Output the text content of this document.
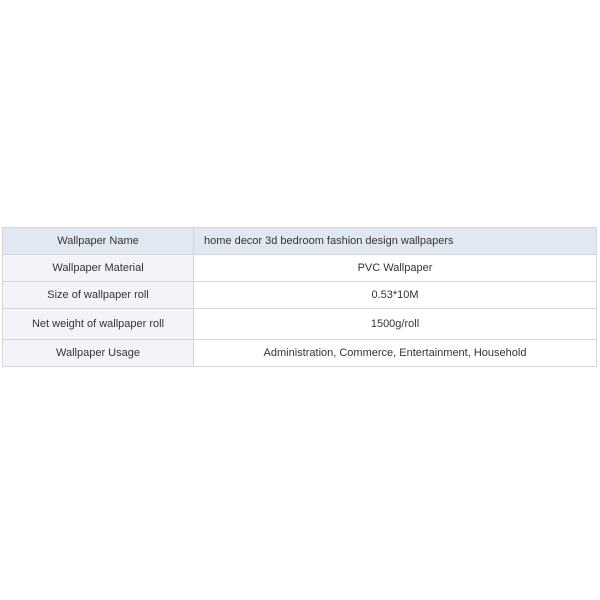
Wallpaper Name	home decor 3d bedroom fashion design wallpapers
Wallpaper Material	PVC Wallpaper
Size of wallpaper roll	0.53*10M
Net weight of wallpaper roll	1500g/roll
Wallpaper Usage	Administration, Commerce, Entertainment, Household
